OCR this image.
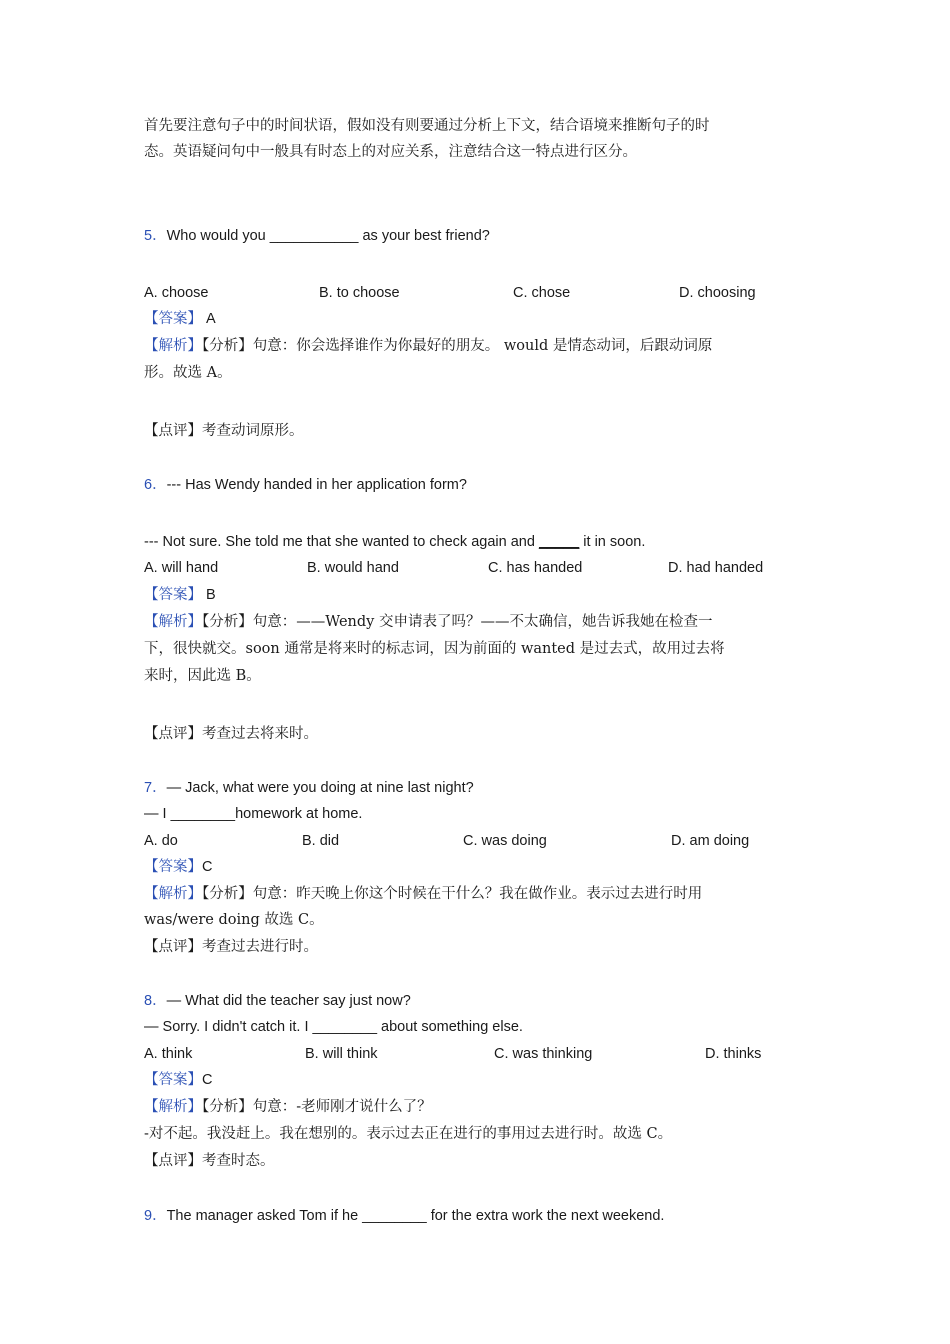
首先要注意句子中的时间状语，假如没有则要通过分析上下文，结合语境来推断句子的时
态。英语疑问句中一般具有时态上的对应关系，注意结合这一特点进行区分。
5．Who would you ___________ as your best friend?
A. choose	B. to choose	C. chose	D. choosing
【答案】 A
【解析】【分析】句意：你会选择谁作为你最好的朋友。 would 是情态动词，后跟动词原
形。故选 A。
【点评】考查动词原形。
6．--- Has Wendy handed in her application form?
--- Not sure. She told me that she wanted to check again and _____ it in soon.
A. will hand	B. would hand	C. has handed	D. had handed
【答案】 B
【解析】【分析】句意：——Wendy 交申请表了吗？——不太确信，她告诉我她在检查一
下，很快就交。soon 通常是将来时的标志词，因为前面的 wanted 是过去式，故用过去将
来时，因此选 B。
【点评】考查过去将来时。
7．— Jack, what were you doing at nine last night?
— I ________homework at home.
A. do	B. did	C. was doing	D. am doing
【答案】C
【解析】【分析】句意：昨天晚上你这个时候在干什么？我在做作业。表示过去进行时用
was/were doing 故选 C。
【点评】考查过去进行时。
8．— What did the teacher say just now?
— Sorry. I didn't catch it. I ________ about something else.
A. think	B. will think	C. was thinking	D. thinks
【答案】C
【解析】【分析】句意：-老师刚才说什么了？
-对不起。我没赶上。我在想别的。表示过去正在进行的事用过去进行时。故选 C。
【点评】考查时态。
9．The manager asked Tom if he ________ for the extra work the next weekend.
